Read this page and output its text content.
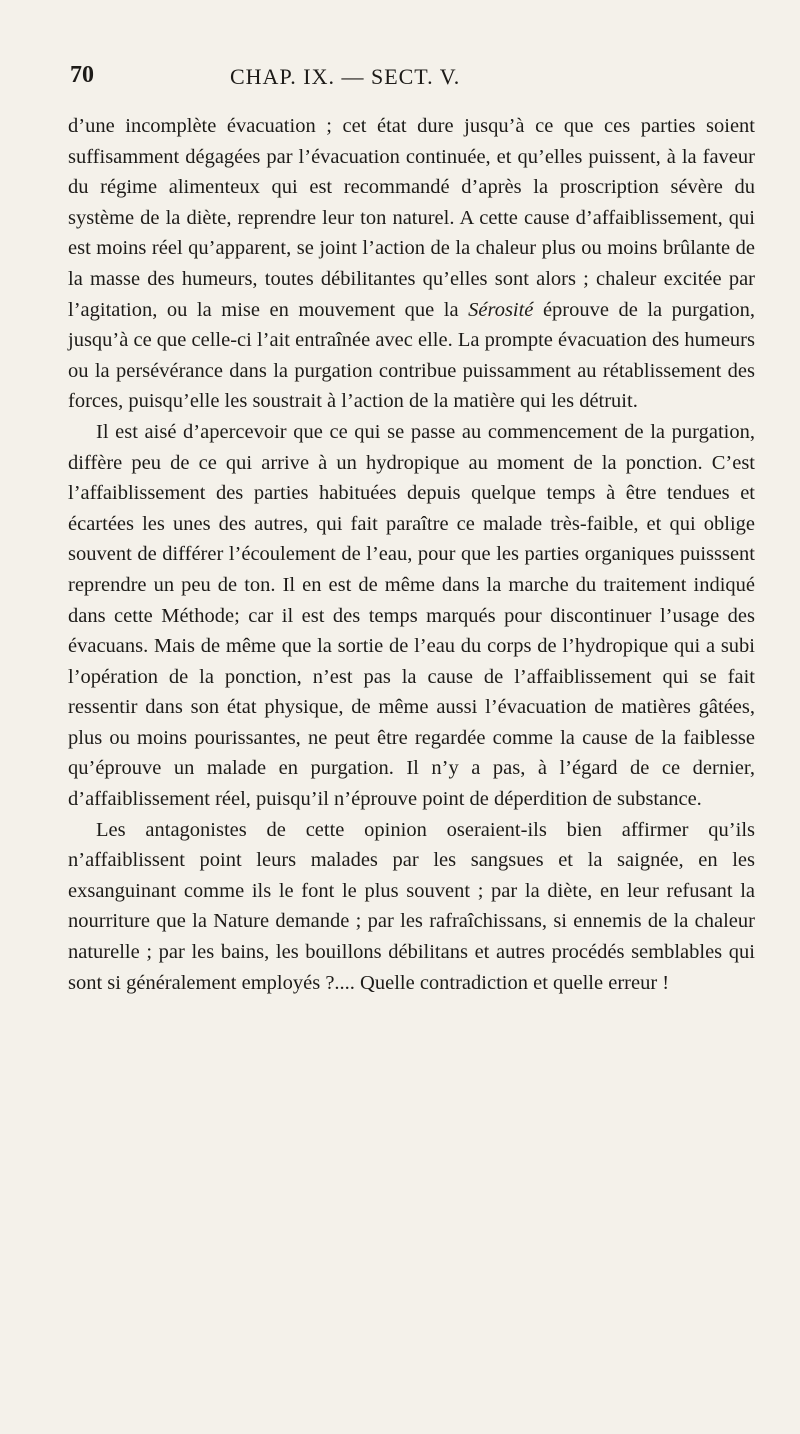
70	CHAP. IX. — SECT. V.

d’une incomplète évacuation ; cet état dure jusqu’à ce que ces parties soient suffisamment dégagées par l’évacuation continuée, et qu’elles puissent, à la faveur du régime alimenteux qui est recommandé d’après la proscription sévère du système de la diète, reprendre leur ton naturel. A cette cause d’affaiblissement, qui est moins réel qu’apparent, se joint l’action de la chaleur plus ou moins brûlante de la masse des humeurs, toutes débilitantes qu’elles sont alors ; chaleur excitée par l’agitation, ou la mise en mouvement que la Sérosité éprouve de la purgation, jusqu’à ce que celle-ci l’ait entraînée avec elle. La prompte évacuation des humeurs ou la persévérance dans la purgation contribue puissamment au rétablissement des forces, puisqu’elle les soustrait à l’action de la matière qui les détruit.

Il est aisé d’apercevoir que ce qui se passe au commencement de la purgation, diffère peu de ce qui arrive à un hydropique au moment de la ponction. C’est l’affaiblissement des parties habituées depuis quelque temps à être tendues et écartées les unes des autres, qui fait paraître ce malade très-faible, et qui oblige souvent de différer l’écoulement de l’eau, pour que les parties organiques puisssent reprendre un peu de ton. Il en est de même dans la marche du traitement indiqué dans cette Méthode; car il est des temps marqués pour discontinuer l’usage des évacuans. Mais de même que la sortie de l’eau du corps de l’hydropique qui a subi l’opération de la ponction, n’est pas la cause de l’affaiblissement qui se fait ressentir dans son état physique, de même aussi l’évacuation de matières gâtées, plus ou moins pourissantes, ne peut être regardée comme la cause de la faiblesse qu’éprouve un malade en purgation. Il n’y a pas, à l’égard de ce dernier, d’affaiblissement réel, puisqu’il n’éprouve point de déperdition de substance.

Les antagonistes de cette opinion oseraient-ils bien affirmer qu’ils n’affaiblissent point leurs malades par les sangsues et la saignée, en les exsanguinant comme ils le font le plus souvent ; par la diète, en leur refusant la nourriture que la Nature demande ; par les rafraîchissans, si ennemis de la chaleur naturelle ; par les bains, les bouillons débilitans et autres procédés semblables qui sont si généralement employés ?.... Quelle contradiction et quelle erreur !
